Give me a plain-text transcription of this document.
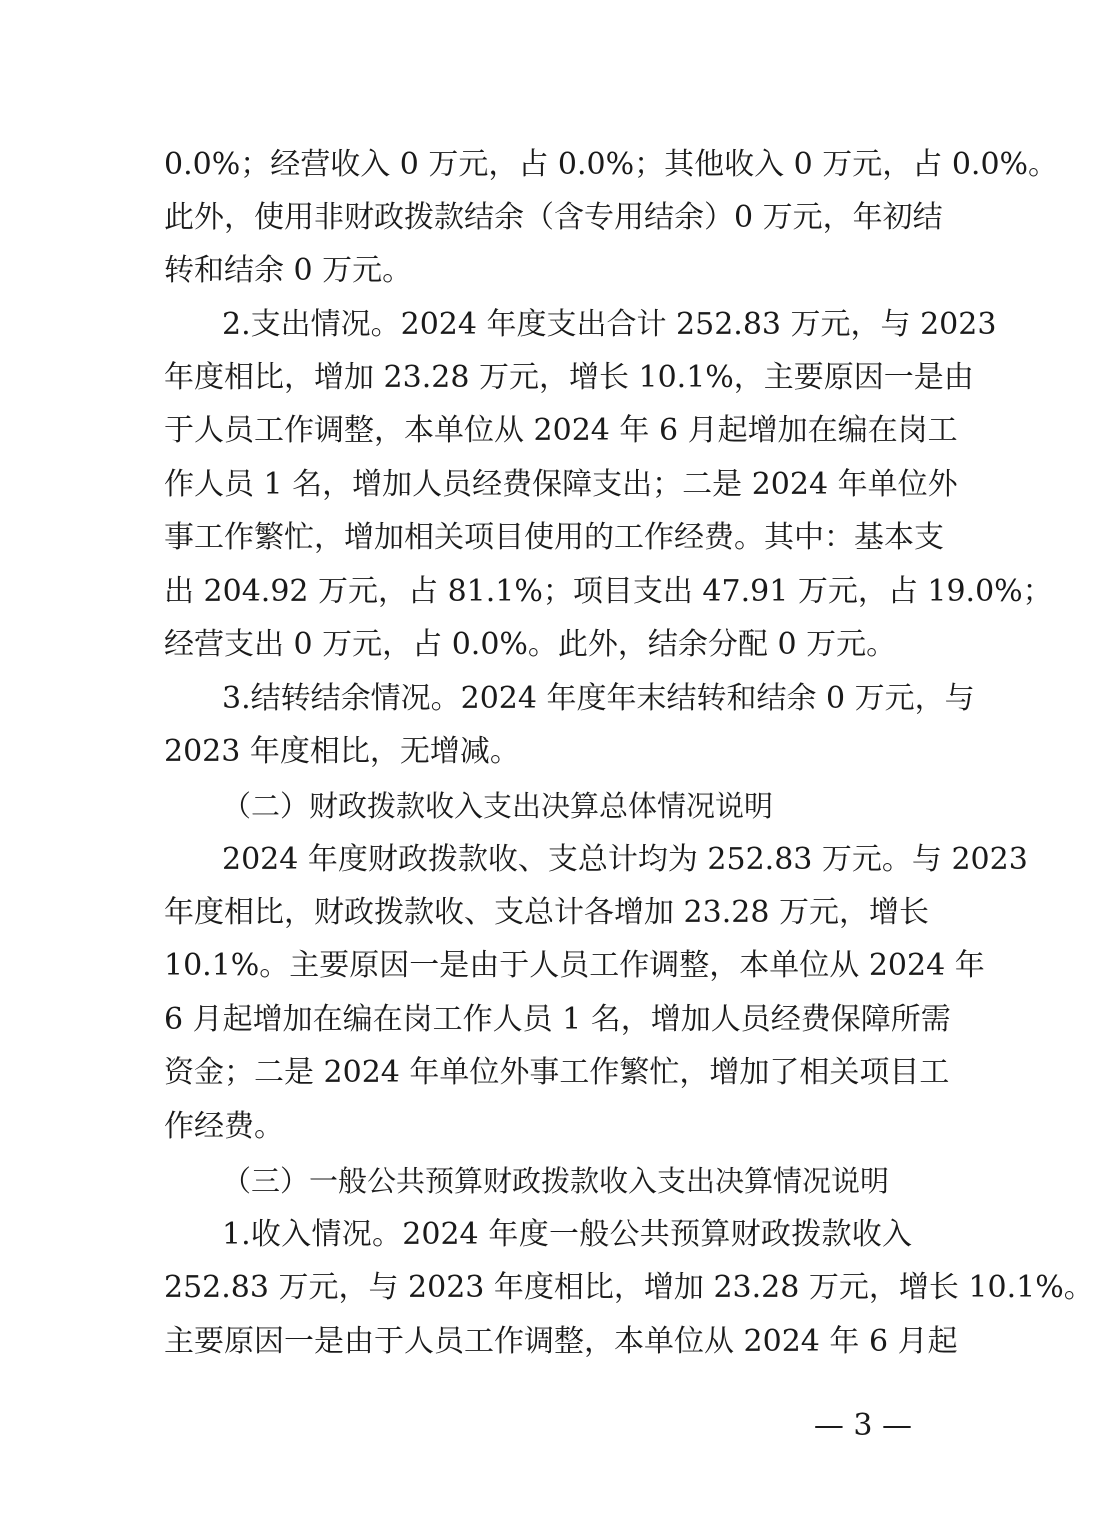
0.0%；经营收入 0 万元，占 0.0%；其他收入 0 万元，占 0.0%。
此外，使用非财政拨款结余（含专用结余）0 万元，年初结
转和结余 0 万元。
2.支出情况。2024 年度支出合计 252.83 万元，与 2023
年度相比，增加 23.28 万元，增长 10.1%，主要原因一是由
于人员工作调整，本单位从 2024 年 6 月起增加在编在岗工
作人员 1 名，增加人员经费保障支出；二是 2024 年单位外
事工作繁忙，增加相关项目使用的工作经费。其中：基本支
出 204.92 万元，占 81.1%；项目支出 47.91 万元，占 19.0%；
经营支出 0 万元，占 0.0%。此外，结余分配 0 万元。
3.结转结余情况。2024 年度年末结转和结余 0 万元，与
2023 年度相比，无增减。
（二）财政拨款收入支出决算总体情况说明
2024 年度财政拨款收、支总计均为 252.83 万元。与 2023
年度相比，财政拨款收、支总计各增加 23.28 万元，增长
10.1%。主要原因一是由于人员工作调整，本单位从 2024 年
6 月起增加在编在岗工作人员 1 名，增加人员经费保障所需
资金；二是 2024 年单位外事工作繁忙，增加了相关项目工
作经费。
（三）一般公共预算财政拨款收入支出决算情况说明
1.收入情况。2024 年度一般公共预算财政拨款收入
252.83 万元，与 2023 年度相比，增加 23.28 万元，增长 10.1%。
主要原因一是由于人员工作调整，本单位从 2024 年 6 月起
— 3 —
